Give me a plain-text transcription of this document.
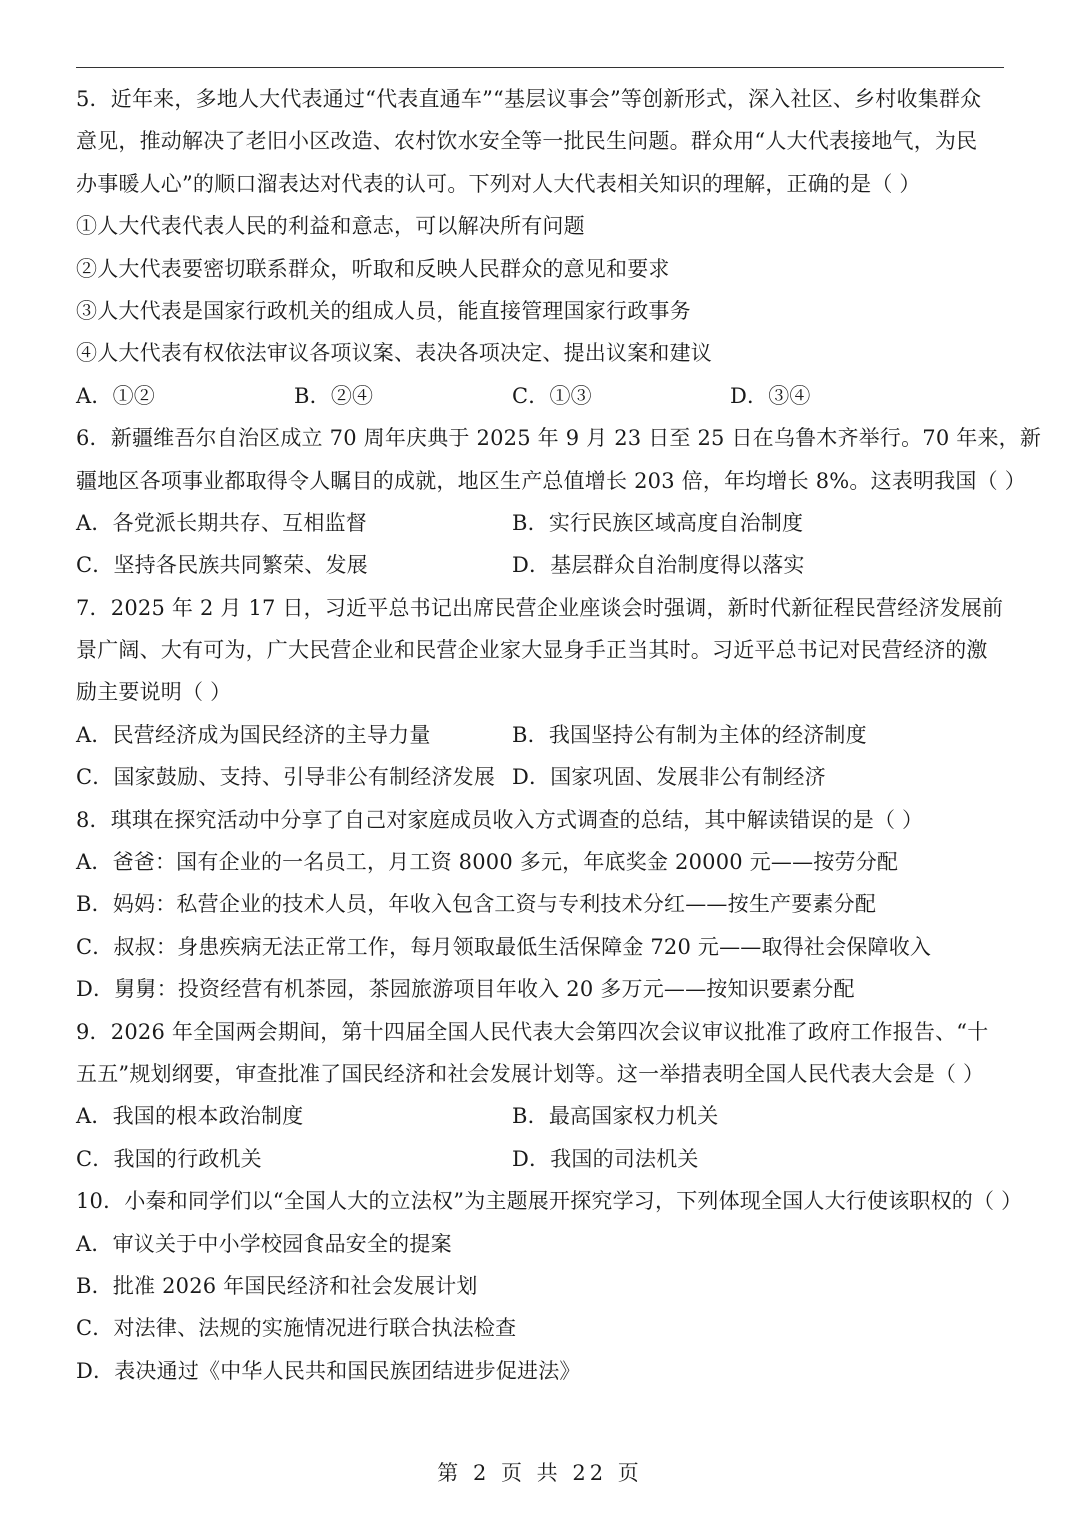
5．近年来，多地人大代表通过“代表直通车”“基层议事会”等创新形式，深入社区、乡村收集群众
意见，推动解决了老旧小区改造、农村饮水安全等一批民生问题。群众用“人大代表接地气，为民
办事暖人心”的顺口溜表达对代表的认可。下列对人大代表相关知识的理解，正确的是（ ）
①人大代表代表人民的利益和意志，可以解决所有问题
②人大代表要密切联系群众，听取和反映人民群众的意见和要求
③人大代表是国家行政机关的组成人员，能直接管理国家行政事务
④人大代表有权依法审议各项议案、表决各项决定、提出议案和建议
A．①②	B．②④	C．①③	D．③④
6．新疆维吾尔自治区成立 70 周年庆典于 2025 年 9 月 23 日至 25 日在乌鲁木齐举行。70 年来，新
疆地区各项事业都取得令人瞩目的成就，地区生产总值增长 203 倍，年均增长 8%。这表明我国（ ）
A．各党派长期共存、互相监督	B．实行民族区域高度自治制度
C．坚持各民族共同繁荣、发展	D．基层群众自治制度得以落实
7．2025 年 2 月 17 日，习近平总书记出席民营企业座谈会时强调，新时代新征程民营经济发展前
景广阔、大有可为，广大民营企业和民营企业家大显身手正当其时。习近平总书记对民营经济的激
励主要说明（ ）
A．民营经济成为国民经济的主导力量	B．我国坚持公有制为主体的经济制度
C．国家鼓励、支持、引导非公有制经济发展 D．国家巩固、发展非公有制经济
8．琪琪在探究活动中分享了自己对家庭成员收入方式调查的总结，其中解读错误的是（ ）
A．爸爸：国有企业的一名员工，月工资 8000 多元，年底奖金 20000 元——按劳分配
B．妈妈：私营企业的技术人员，年收入包含工资与专利技术分红——按生产要素分配
C．叔叔：身患疾病无法正常工作，每月领取最低生活保障金 720 元——取得社会保障收入
D．舅舅：投资经营有机茶园，茶园旅游项目年收入 20 多万元——按知识要素分配
9．2026 年全国两会期间，第十四届全国人民代表大会第四次会议审议批准了政府工作报告、“十
五五”规划纲要，审查批准了国民经济和社会发展计划等。这一举措表明全国人民代表大会是（ ）
A．我国的根本政治制度	B．最高国家权力机关
C．我国的行政机关	D．我国的司法机关
10．小秦和同学们以“全国人大的立法权”为主题展开探究学习，下列体现全国人大行使该职权的（ ）
A．审议关于中小学校园食品安全的提案
B．批准 2026 年国民经济和社会发展计划
C．对法律、法规的实施情况进行联合执法检查
D．表决通过《中华人民共和国民族团结进步促进法》
第 2 页 共 22 页
